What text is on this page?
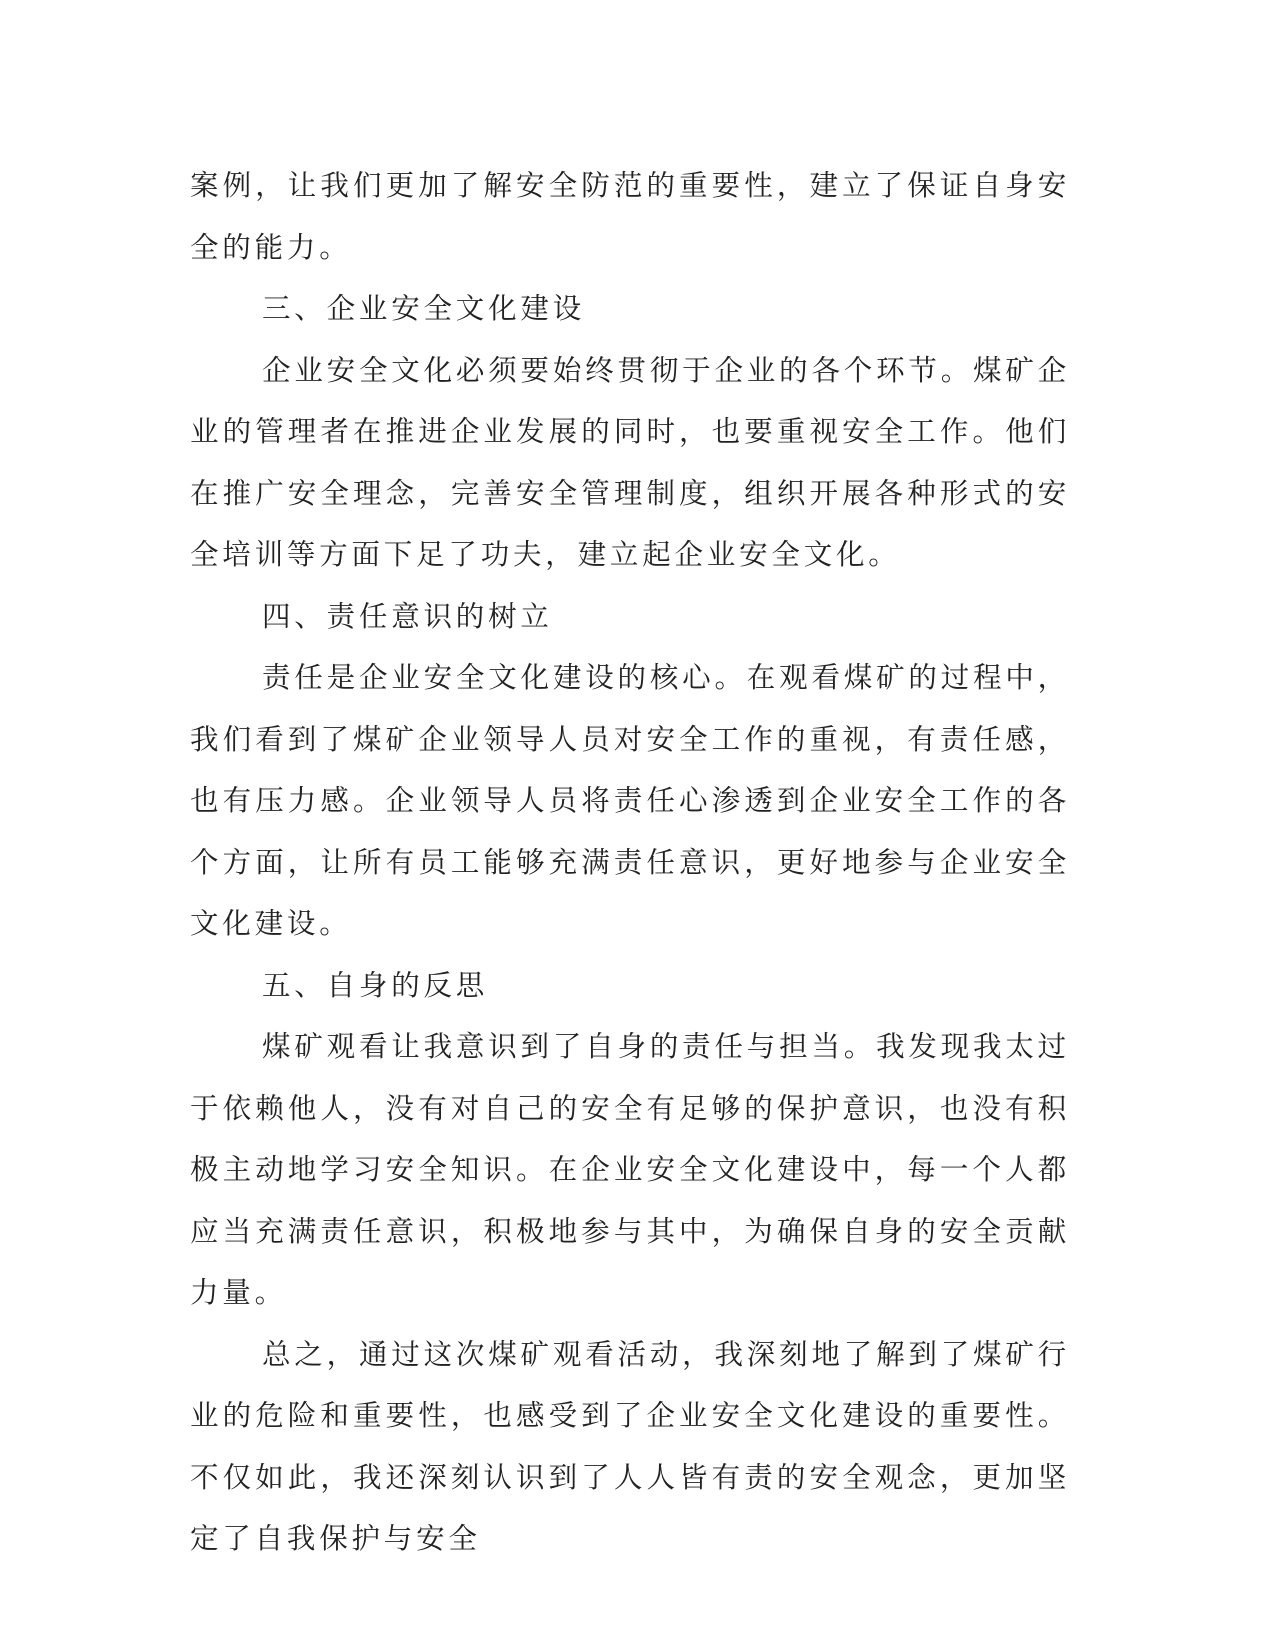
案例，让我们更加了解安全防范的重要性，建立了保证自身安全的能力。

三、企业安全文化建设

企业安全文化必须要始终贯彻于企业的各个环节。煤矿企业的管理者在推进企业发展的同时，也要重视安全工作。他们在推广安全理念，完善安全管理制度，组织开展各种形式的安全培训等方面下足了功夫，建立起企业安全文化。

四、责任意识的树立

责任是企业安全文化建设的核心。在观看煤矿的过程中，我们看到了煤矿企业领导人员对安全工作的重视，有责任感，也有压力感。企业领导人员将责任心渗透到企业安全工作的各个方面，让所有员工能够充满责任意识，更好地参与企业安全文化建设。

五、自身的反思

煤矿观看让我意识到了自身的责任与担当。我发现我太过于依赖他人，没有对自己的安全有足够的保护意识，也没有积极主动地学习安全知识。在企业安全文化建设中，每一个人都应当充满责任意识，积极地参与其中，为确保自身的安全贡献力量。

总之，通过这次煤矿观看活动，我深刻地了解到了煤矿行业的危险和重要性，也感受到了企业安全文化建设的重要性。不仅如此，我还深刻认识到了人人皆有责的安全观念，更加坚定了自我保护与安全
